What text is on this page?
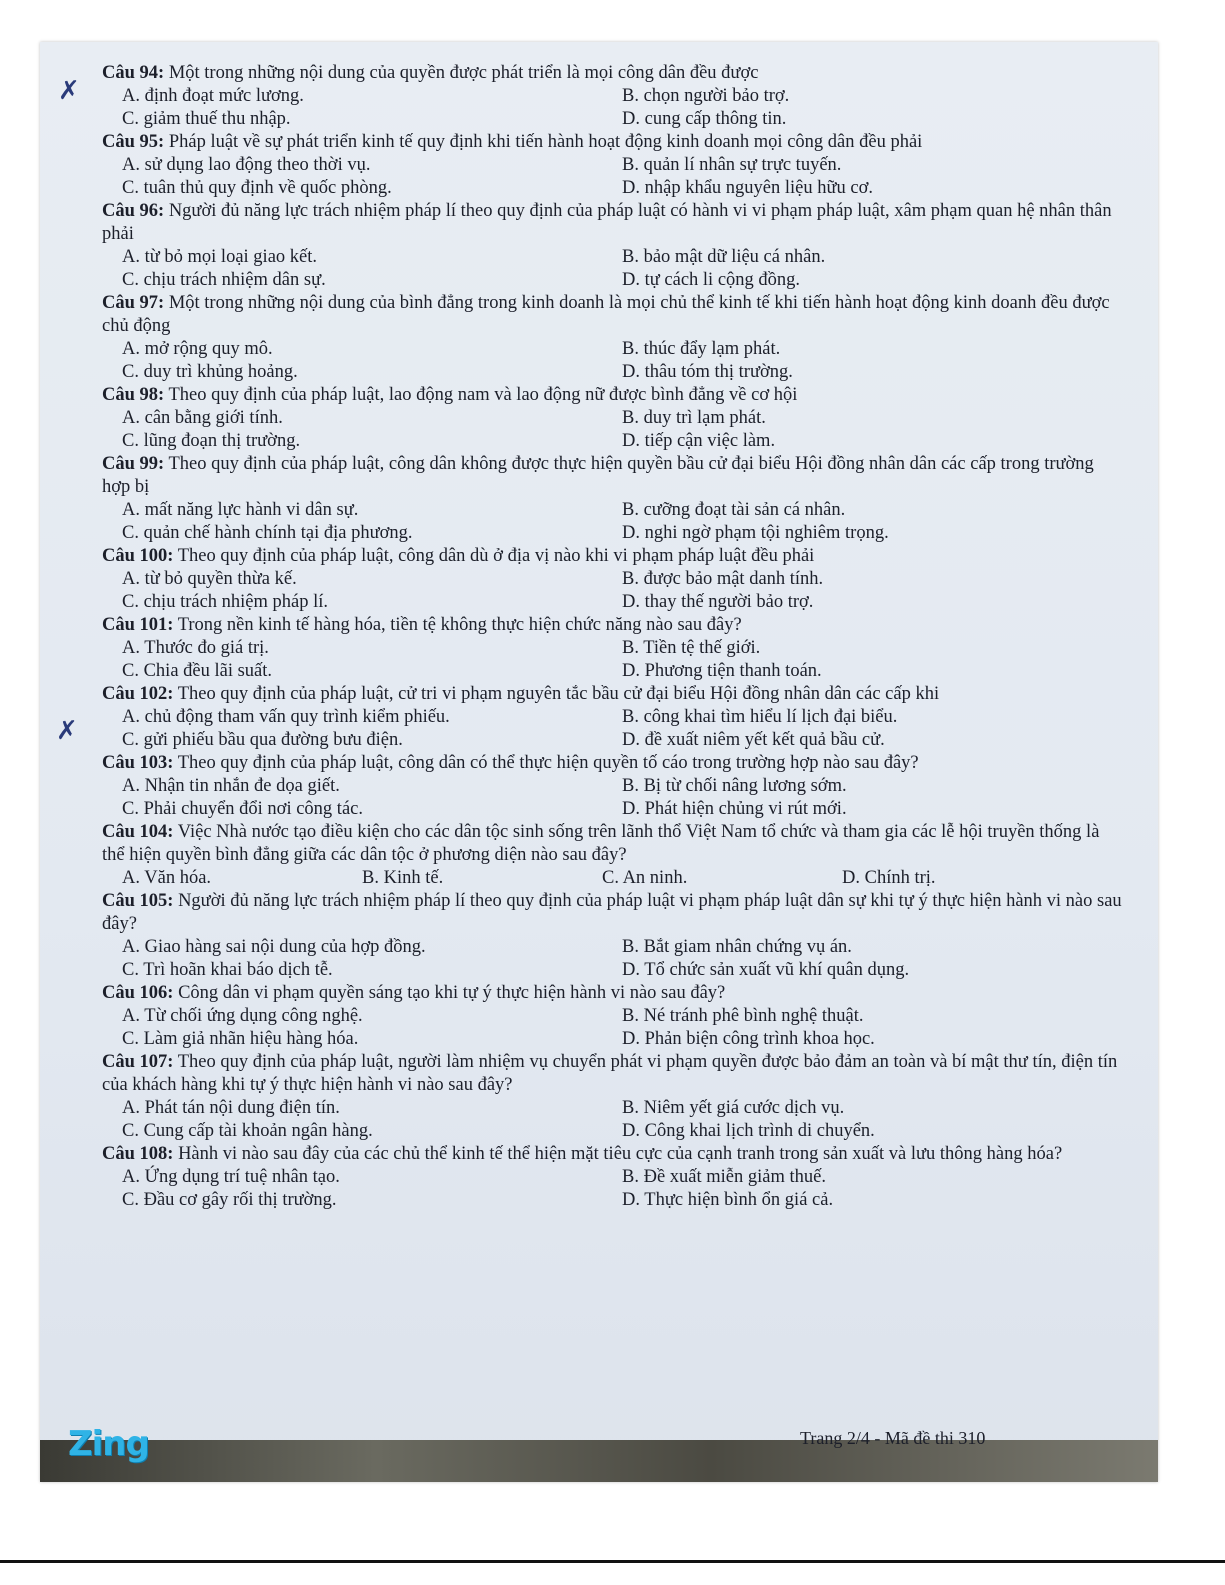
Câu 94: Một trong những nội dung của quyền được phát triển là mọi công dân đều được
A. định đoạt mức lương.	B. chọn người bảo trợ.
C. giảm thuế thu nhập.	D. cung cấp thông tin.
Câu 95: Pháp luật về sự phát triển kinh tế quy định khi tiến hành hoạt động kinh doanh mọi công dân đều phải
A. sử dụng lao động theo thời vụ.	B. quản lí nhân sự trực tuyến.
C. tuân thủ quy định về quốc phòng.	D. nhập khẩu nguyên liệu hữu cơ.
Câu 96: Người đủ năng lực trách nhiệm pháp lí theo quy định của pháp luật có hành vi vi phạm pháp luật, xâm phạm quan hệ nhân thân phải
A. từ bỏ mọi loại giao kết.	B. bảo mật dữ liệu cá nhân.
C. chịu trách nhiệm dân sự.	D. tự cách li cộng đồng.
Câu 97: Một trong những nội dung của bình đẳng trong kinh doanh là mọi chủ thể kinh tế khi tiến hành hoạt động kinh doanh đều được chủ động
A. mở rộng quy mô.	B. thúc đẩy lạm phát.
C. duy trì khủng hoảng.	D. thâu tóm thị trường.
Câu 98: Theo quy định của pháp luật, lao động nam và lao động nữ được bình đẳng về cơ hội
A. cân bằng giới tính.	B. duy trì lạm phát.
C. lũng đoạn thị trường.	D. tiếp cận việc làm.
Câu 99: Theo quy định của pháp luật, công dân không được thực hiện quyền bầu cử đại biểu Hội đồng nhân dân các cấp trong trường hợp bị
A. mất năng lực hành vi dân sự.	B. cưỡng đoạt tài sản cá nhân.
C. quản chế hành chính tại địa phương.	D. nghi ngờ phạm tội nghiêm trọng.
Câu 100: Theo quy định của pháp luật, công dân dù ở địa vị nào khi vi phạm pháp luật đều phải
A. từ bỏ quyền thừa kế.	B. được bảo mật danh tính.
C. chịu trách nhiệm pháp lí.	D. thay thế người bảo trợ.
Câu 101: Trong nền kinh tế hàng hóa, tiền tệ không thực hiện chức năng nào sau đây?
A. Thước đo giá trị.	B. Tiền tệ thế giới.
C. Chia đều lãi suất.	D. Phương tiện thanh toán.
Câu 102: Theo quy định của pháp luật, cử tri vi phạm nguyên tắc bầu cử đại biểu Hội đồng nhân dân các cấp khi
A. chủ động tham vấn quy trình kiểm phiếu.	B. công khai tìm hiểu lí lịch đại biểu.
C. gửi phiếu bầu qua đường bưu điện.	D. đề xuất niêm yết kết quả bầu cử.
Câu 103: Theo quy định của pháp luật, công dân có thể thực hiện quyền tố cáo trong trường hợp nào sau đây?
A. Nhận tin nhắn đe dọa giết.	B. Bị từ chối nâng lương sớm.
C. Phải chuyển đổi nơi công tác.	D. Phát hiện chủng vi rút mới.
Câu 104: Việc Nhà nước tạo điều kiện cho các dân tộc sinh sống trên lãnh thổ Việt Nam tổ chức và tham gia các lễ hội truyền thống là thể hiện quyền bình đẳng giữa các dân tộc ở phương diện nào sau đây?
A. Văn hóa.	B. Kinh tế.	C. An ninh.	D. Chính trị.
Câu 105: Người đủ năng lực trách nhiệm pháp lí theo quy định của pháp luật vi phạm pháp luật dân sự khi tự ý thực hiện hành vi nào sau đây?
A. Giao hàng sai nội dung của hợp đồng.	B. Bắt giam nhân chứng vụ án.
C. Trì hoãn khai báo dịch tễ.	D. Tổ chức sản xuất vũ khí quân dụng.
Câu 106: Công dân vi phạm quyền sáng tạo khi tự ý thực hiện hành vi nào sau đây?
A. Từ chối ứng dụng công nghệ.	B. Né tránh phê bình nghệ thuật.
C. Làm giả nhãn hiệu hàng hóa.	D. Phản biện công trình khoa học.
Câu 107: Theo quy định của pháp luật, người làm nhiệm vụ chuyển phát vi phạm quyền được bảo đảm an toàn và bí mật thư tín, điện tín của khách hàng khi tự ý thực hiện hành vi nào sau đây?
A. Phát tán nội dung điện tín.	B. Niêm yết giá cước dịch vụ.
C. Cung cấp tài khoản ngân hàng.	D. Công khai lịch trình di chuyển.
Câu 108: Hành vi nào sau đây của các chủ thể kinh tế thể hiện mặt tiêu cực của cạnh tranh trong sản xuất và lưu thông hàng hóa?
A. Ứng dụng trí tuệ nhân tạo.	B. Đề xuất miễn giảm thuế.
C. Đầu cơ gây rối thị trường.	D. Thực hiện bình ổn giá cả.
Zing	Trang 2/4 - Mã đề thi 310
✗
✗
